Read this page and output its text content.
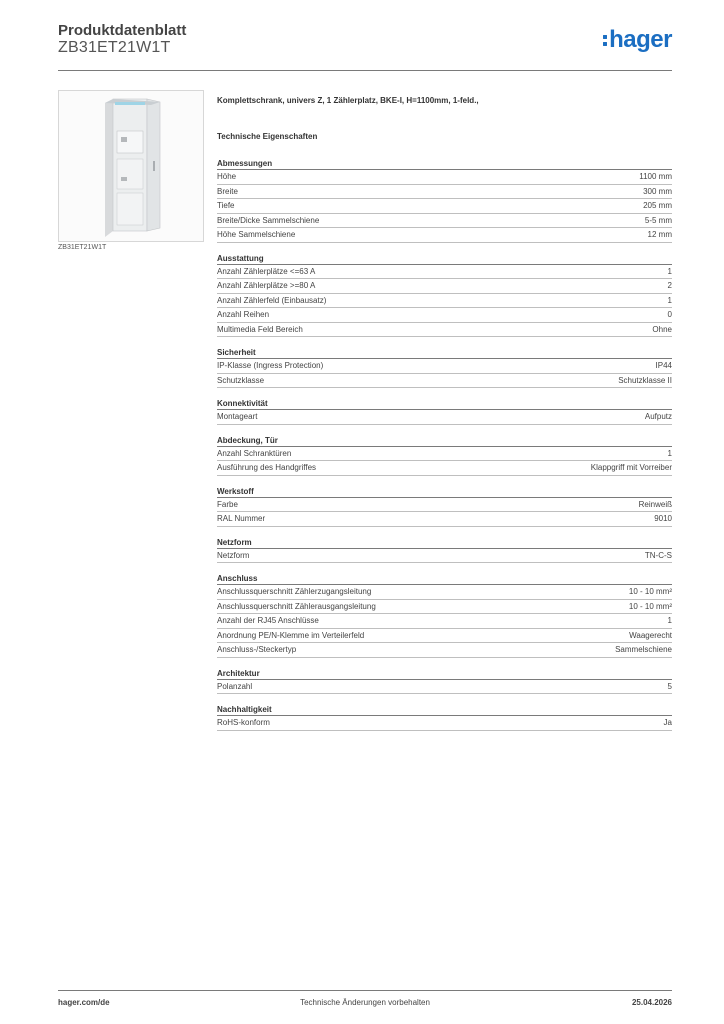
Produktdatenblatt
ZB31ET21W1T	hager
ZB31ET21W1T
Komplettschrank, univers Z, 1 Zählerplatz, BKE-I, H=1100mm, 1-feld.,
Technische Eigenschaften
Abmessungen
Höhe	1100 mm
Breite	300 mm
Tiefe	205 mm
Breite/Dicke Sammelschiene	5-5 mm
Höhe Sammelschiene	12 mm
Ausstattung
Anzahl Zählerplätze <=63 A	1
Anzahl Zählerplätze >=80 A	2
Anzahl Zählerfeld (Einbausatz)	1
Anzahl Reihen	0
Multimedia Feld Bereich	Ohne
Sicherheit
IP-Klasse (Ingress Protection)	IP44
Schutzklasse	Schutzklasse II
Konnektivität
Montageart	Aufputz
Abdeckung, Tür
Anzahl Schranktüren	1
Ausführung des Handgriffes	Klappgriff mit Vorreiber
Werkstoff
Farbe	Reinweiß
RAL Nummer	9010
Netzform
Netzform	TN-C-S
Anschluss
Anschlussquerschnitt Zählerzugangsleitung	10 - 10 mm²
Anschlussquerschnitt Zählerausgangsleitung	10 - 10 mm²
Anzahl der RJ45 Anschlüsse	1
Anordnung PE/N-Klemme im Verteilerfeld	Waagerecht
Anschluss-/Steckertyp	Sammelschiene
Architektur
Polanzahl	5
Nachhaltigkeit
RoHS-konform	Ja
hager.com/de	Technische Änderungen vorbehalten	25.04.2026
